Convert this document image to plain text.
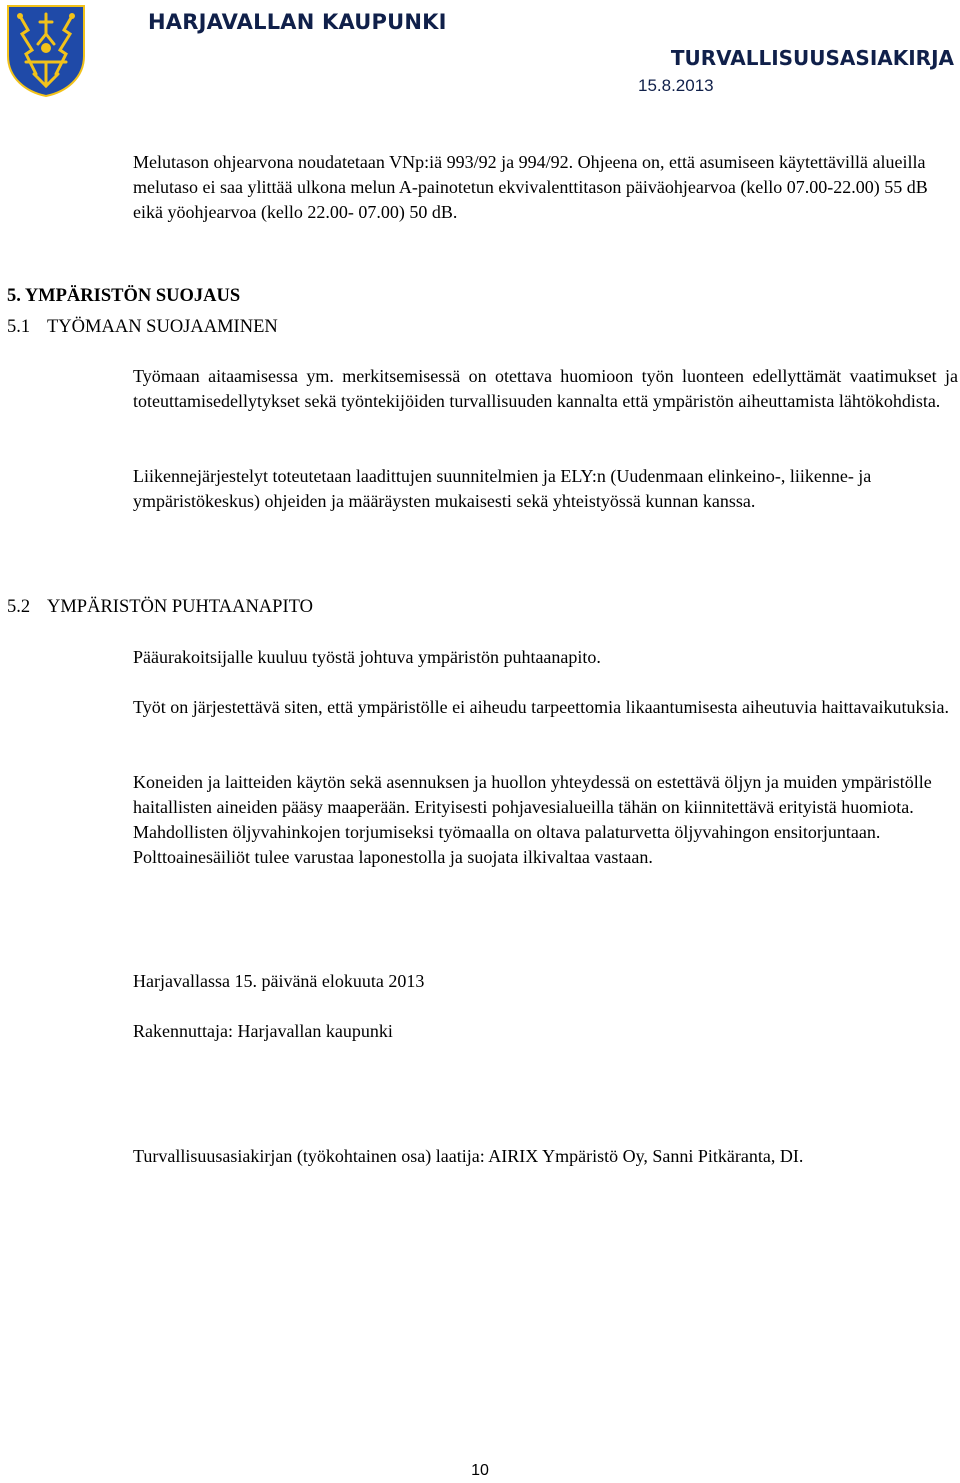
HARJAVALLAN KAUPUNKI
TURVALLISUUSASIAKIRJA
15.8.2013

Melutason ohjearvona noudatetaan VNp:iä 993/92 ja 994/92. Ohjeena on, että asumiseen käytettävillä alueilla melutaso ei saa ylittää ulkona melun A-painotetun ekvivalenttitason päiväohjearvoa (kello 07.00-22.00) 55 dB eikä yöohjearvoa (kello 22.00- 07.00) 50 dB.

5. YMPÄRISTÖN SUOJAUS

5.1 TYÖMAAN SUOJAAMINEN

Työmaan aitaamisessa ym. merkitsemisessä on otettava huomioon työn luonteen edellyttämät vaatimukset ja toteuttamisedellytykset sekä työntekijöiden turvallisuuden kannalta että ympäristön aiheuttamista lähtökohdista.

Liikennejärjestelyt toteutetaan laadittujen suunnitelmien ja ELY:n (Uudenmaan elinkeino-, liikenne- ja ympäristökeskus) ohjeiden ja määräysten mukaisesti sekä yhteistyössä kunnan kanssa.

5.2 YMPÄRISTÖN PUHTAANAPITO

Pääurakoitsijalle kuuluu työstä johtuva ympäristön puhtaanapito.

Työt on järjestettävä siten, että ympäristölle ei aiheudu tarpeettomia likaantumisesta aiheutuvia haittavaikutuksia.

Koneiden ja laitteiden käytön sekä asennuksen ja huollon yhteydessä on estettävä öljyn ja muiden ympäristölle haitallisten aineiden pääsy maaperään. Erityisesti pohjavesialueilla tähän on kiinnitettävä erityistä huomiota. Mahdollisten öljyvahinkojen torjumiseksi työmaalla on oltava palaturvetta öljyvahingon ensitorjuntaan. Polttoainesäiliöt tulee varustaa laponestolla ja suojata ilkivaltaa vastaan.

Harjavallassa 15. päivänä elokuuta 2013

Rakennuttaja: Harjavallan kaupunki

Turvallisuusasiakirjan (työkohtainen osa) laatija: AIRIX Ympäristö Oy, Sanni Pitkäranta, DI.

10
